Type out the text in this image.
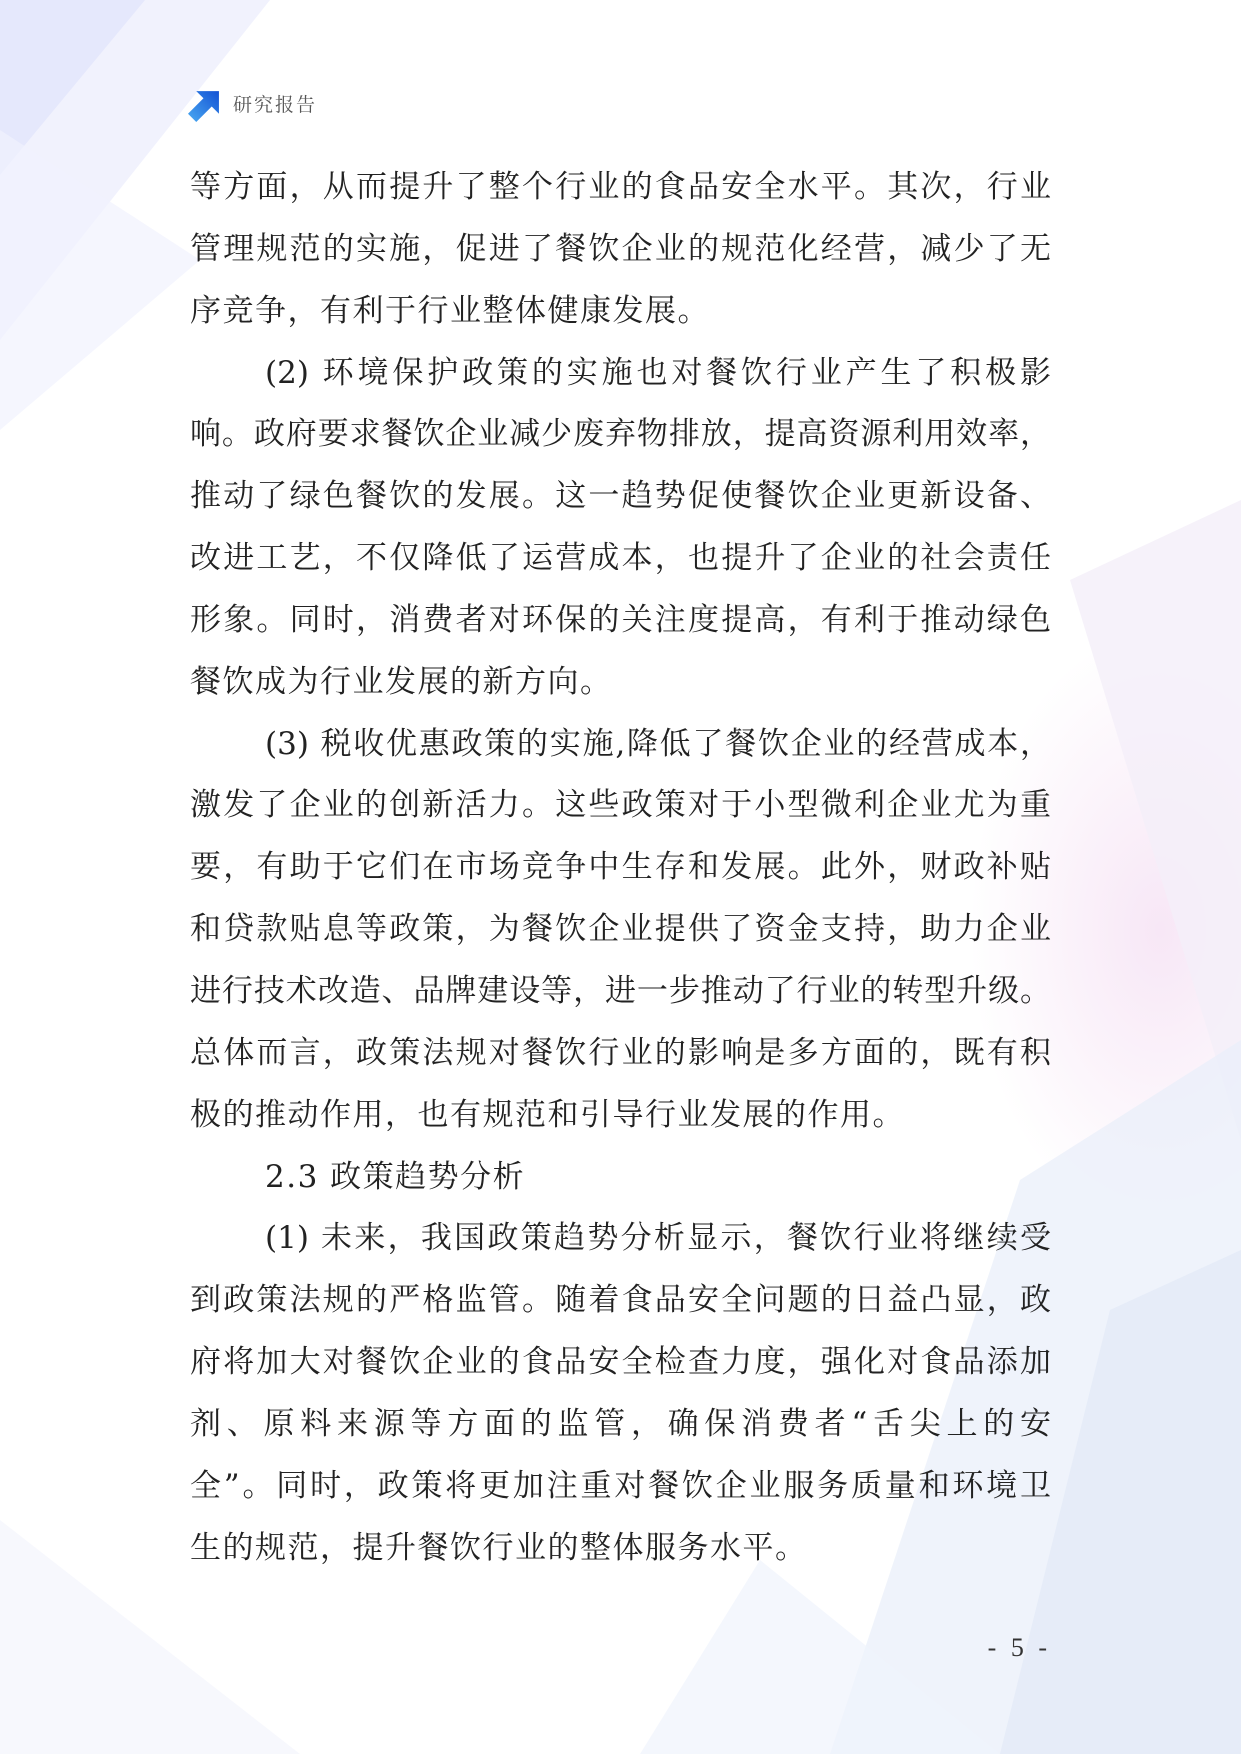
研究报告

等方面，从而提升了整个行业的食品安全水平。其次，行业
管理规范的实施，促进了餐饮企业的规范化经营，减少了无
序竞争，有利于行业整体健康发展。

(2) 环境保护政策的实施也对餐饮行业产生了积极影
响。政府要求餐饮企业减少废弃物排放，提高资源利用效率，
推动了绿色餐饮的发展。这一趋势促使餐饮企业更新设备、
改进工艺，不仅降低了运营成本，也提升了企业的社会责任
形象。同时，消费者对环保的关注度提高，有利于推动绿色
餐饮成为行业发展的新方向。

(3) 税收优惠政策的实施,降低了餐饮企业的经营成本，
激发了企业的创新活力。这些政策对于小型微利企业尤为重
要，有助于它们在市场竞争中生存和发展。此外，财政补贴
和贷款贴息等政策，为餐饮企业提供了资金支持，助力企业
进行技术改造、品牌建设等，进一步推动了行业的转型升级。
总体而言，政策法规对餐饮行业的影响是多方面的，既有积
极的推动作用，也有规范和引导行业发展的作用。

2.3 政策趋势分析

(1) 未来，我国政策趋势分析显示，餐饮行业将继续受
到政策法规的严格监管。随着食品安全问题的日益凸显，政
府将加大对餐饮企业的食品安全检查力度，强化对食品添加
剂、原料来源等方面的监管，确保消费者“舌尖上的安
全”。同时，政策将更加注重对餐饮企业服务质量和环境卫
生的规范，提升餐饮行业的整体服务水平。

- 5 -
